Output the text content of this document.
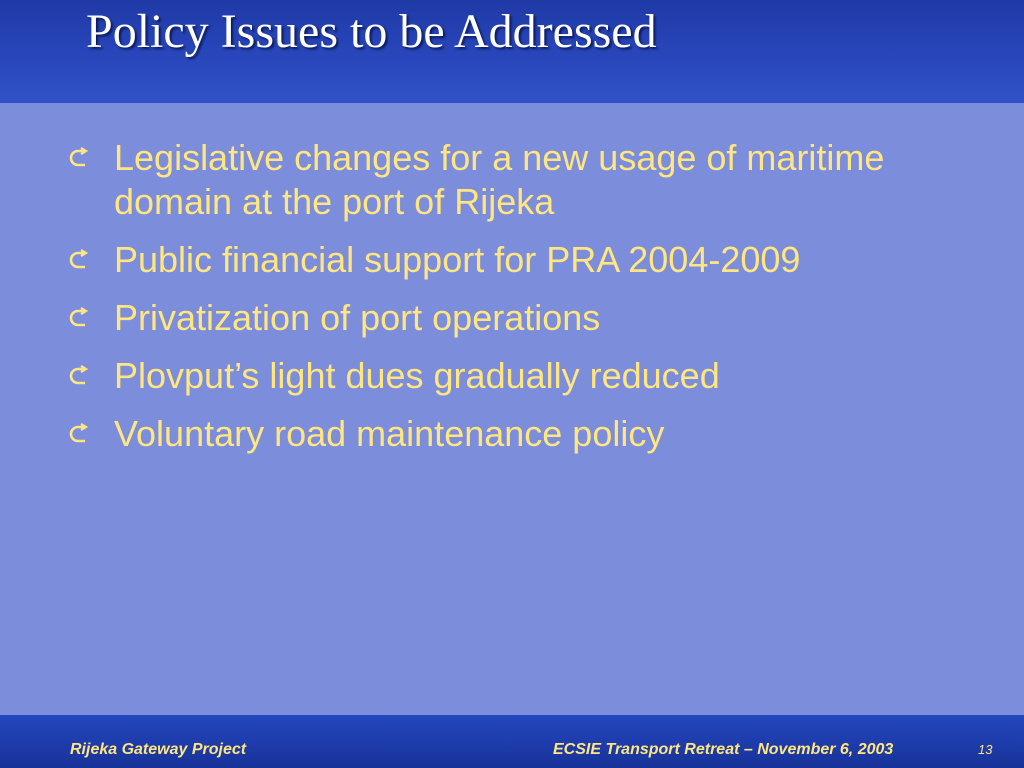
Policy Issues to be Addressed
Legislative changes for a new usage of maritime domain at the port of Rijeka
Public financial support for PRA 2004-2009
Privatization of port operations
Plovput’s light dues gradually reduced
Voluntary road maintenance policy
Rijeka Gateway Project	ECSIE Transport Retreat – November 6, 2003	13
